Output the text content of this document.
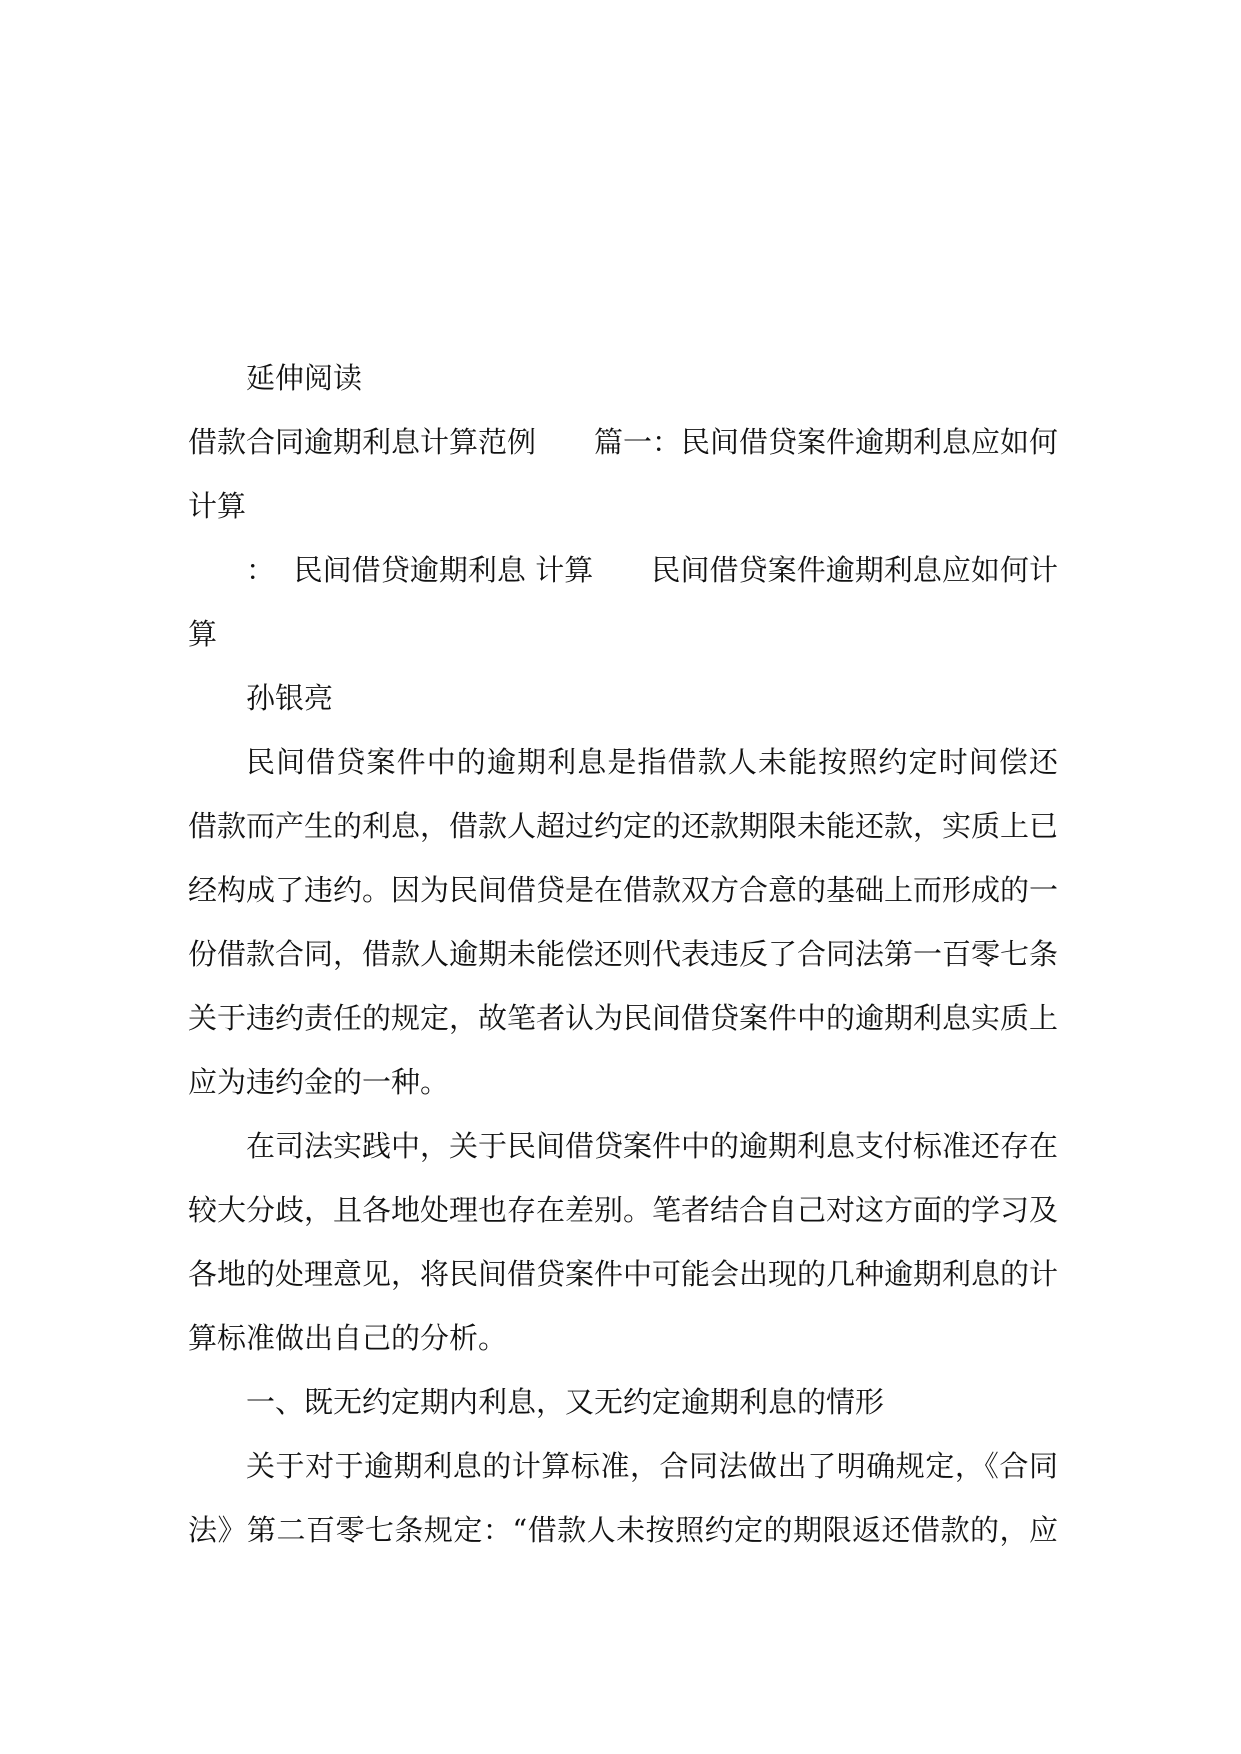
延伸阅读
借款合同逾期利息计算范例　　篇一：民间借贷案件逾期利息应如何
计算
：  民间借贷逾期利息 计算　　民间借贷案件逾期利息应如何计
算
孙银亮
民间借贷案件中的逾期利息是指借款人未能按照约定时间偿还
借款而产生的利息，借款人超过约定的还款期限未能还款，实质上已
经构成了违约。因为民间借贷是在借款双方合意的基础上而形成的一
份借款合同，借款人逾期未能偿还则代表违反了合同法第一百零七条
关于违约责任的规定，故笔者认为民间借贷案件中的逾期利息实质上
应为违约金的一种。
在司法实践中，关于民间借贷案件中的逾期利息支付标准还存在
较大分歧，且各地处理也存在差别。笔者结合自己对这方面的学习及
各地的处理意见，将民间借贷案件中可能会出现的几种逾期利息的计
算标准做出自己的分析。
一、既无约定期内利息，又无约定逾期利息的情形
关于对于逾期利息的计算标准，合同法做出了明确规定，《合同
法》第二百零七条规定：“借款人未按照约定的期限返还借款的，应
